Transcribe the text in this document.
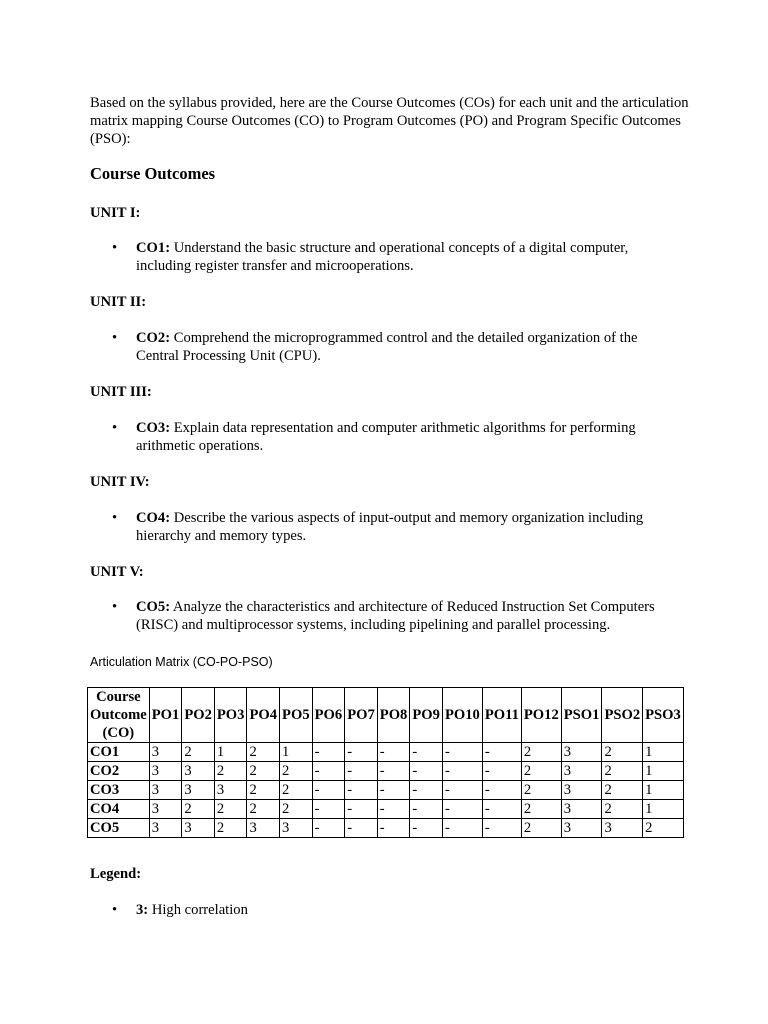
Based on the syllabus provided, here are the Course Outcomes (COs) for each unit and the articulation matrix mapping Course Outcomes (CO) to Program Outcomes (PO) and Program Specific Outcomes (PSO):

Course Outcomes
UNIT I:
• CO1: Understand the basic structure and operational concepts of a digital computer, including register transfer and microoperations.
UNIT II:
• CO2: Comprehend the microprogrammed control and the detailed organization of the Central Processing Unit (CPU).
UNIT III:
• CO3: Explain data representation and computer arithmetic algorithms for performing arithmetic operations.
UNIT IV:
• CO4: Describe the various aspects of input-output and memory organization including hierarchy and memory types.
UNIT V:
• CO5: Analyze the characteristics and architecture of Reduced Instruction Set Computers (RISC) and multiprocessor systems, including pipelining and parallel processing.
Articulation Matrix (CO-PO-PSO)
Course Outcome (CO)	PO1	PO2	PO3	PO4	PO5	PO6	PO7	PO8	PO9	PO10	PO11	PO12	PSO1	PSO2	PSO3
CO1	3	2	1	2	1	-	-	-	-	-	-	2	3	2	1
CO2	3	3	2	2	2	-	-	-	-	-	-	2	3	2	1
CO3	3	3	3	2	2	-	-	-	-	-	-	2	3	2	1
CO4	3	2	2	2	2	-	-	-	-	-	-	2	3	2	1
CO5	3	3	2	3	3	-	-	-	-	-	-	2	3	3	2
Legend:
• 3: High correlation
